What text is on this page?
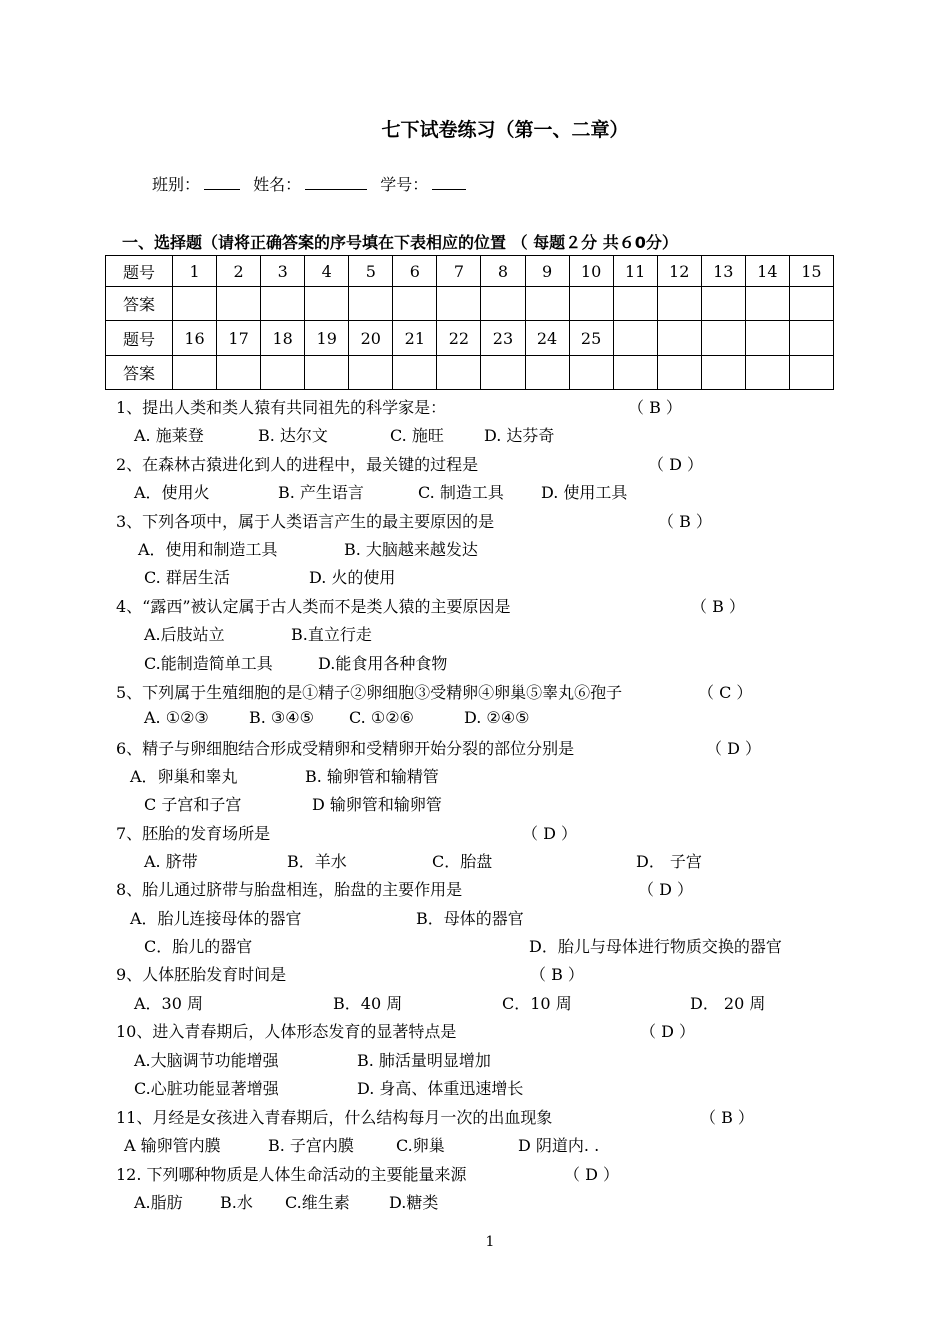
七下试卷练习（第一、二章）
班别：	姓名：	学号：
一、选择题（请将正确答案的序号填在下表相应的位置 （ 每题２分 共６0分）
题号	1	2	3	4	5	6	7	8	9	10	11	12	13	14	15
答案															
题号	16	17	18	19	20	21	22	23	24	25					
答案															
1、提出人类和类人猿有共同祖先的科学家是：	（ B ）
A. 施莱登	B. 达尔文	C. 施旺	D. 达芬奇
2、在森林古猿进化到人的进程中，最关键的过程是	（ D ）
A．使用火	B. 产生语言	C. 制造工具 D. 使用工具
3、下列各项中，属于人类语言产生的最主要原因的是	（ B ）
A．使用和制造工具	B. 大脑越来越发达
C. 群居生活	D. 火的使用
4、“露西”被认定属于古人类而不是类人猿的主要原因是	（ B ）
A.后肢站立	B.直立行走
C.能制造简单工具	D.能食用各种食物
5、下列属于生殖细胞的是①精子②卵细胞③受精卵④卵巢⑤睾丸⑥孢子	（ C ）
A. ①②③	B. ③④⑤ C. ①②⑥	D. ②④⑤
6、精子与卵细胞结合形成受精卵和受精卵开始分裂的部位分别是	（ D ）
A．卵巢和睾丸	B. 输卵管和输精管
C 子宫和子宫	D 输卵管和输卵管
7、胚胎的发育场所是	（ D ）
A. 脐带	B．羊水	C．胎盘	D． 子宫
8、胎儿通过脐带与胎盘相连，胎盘的主要作用是	（ D ）
A．胎儿连接母体的器官	B．母体的器官
C．胎儿的器官	D．胎儿与母体进行物质交换的器官
9、人体胚胎发育时间是	（ B ）
A．30 周	B．40 周	C．10 周	D． 20 周
10、进入青春期后，人体形态发育的显著特点是	（ D ）
A.大脑调节功能增强	B. 肺活量明显增加
C.心脏功能显著增强	D. 身高、体重迅速增长
11、月经是女孩进入青春期后，什么结构每月一次的出血现象	（ B ）
A 输卵管内膜	B. 子宫内膜	C.卵巢	D 阴道内. .
12. 下列哪种物质是人体生命活动的主要能量来源	（ D ）
A.脂肪 B.水 C.维生素 D.糖类
1
